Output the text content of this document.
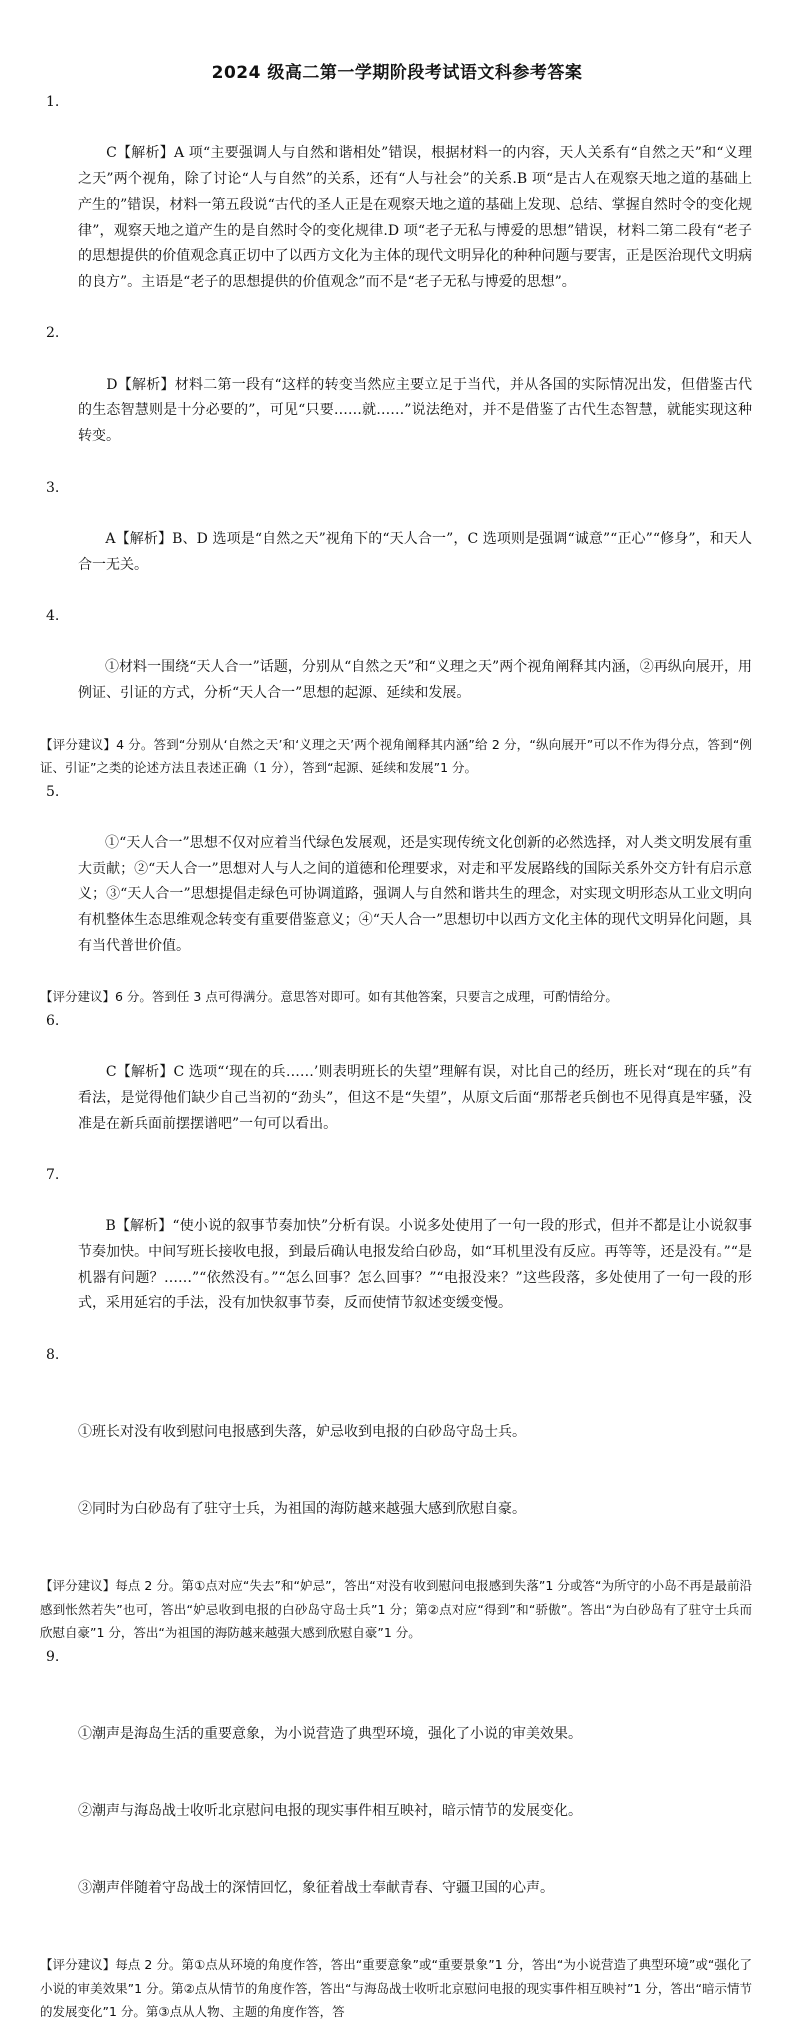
2024 级高二第一学期阶段考试语文科参考答案

1.

C【解析】A 项“主要强调人与自然和谐相处”错误，根据材料一的内容，天人关系有“自然之天”和“义理之天”两个视角，除了讨论“人与自然”的关系，还有“人与社会”的关系.B 项“是古人在观察天地之道的基础上产生的”错误，材料一第五段说“古代的圣人正是在观察天地之道的基础上发现、总结、掌握自然时令的变化规律”，观察天地之道产生的是自然时令的变化规律.D 项“老子无私与博爱的思想”错误，材料二第二段有“老子的思想提供的价值观念真正切中了以西方文化为主体的现代文明异化的种种问题与要害，正是医治现代文明病的良方”。主语是“老子的思想提供的价值观念”而不是“老子无私与博爱的思想”。

2.

D【解析】材料二第一段有“这样的转变当然应主要立足于当代，并从各国的实际情况出发，但借鉴古代的生态智慧则是十分必要的”，可见“只要……就……”说法绝对，并不是借鉴了古代生态智慧，就能实现这种转变。

3.

A【解析】B、D 选项是“自然之天”视角下的“天人合一”，C 选项则是强调“诚意”“正心”“修身”，和天人合一无关。

4.

①材料一围绕“天人合一”话题，分别从“自然之天”和“义理之天”两个视角阐释其内涵，②再纵向展开，用例证、引证的方式，分析“天人合一”思想的起源、延续和发展。

【评分建议】4 分。答到“分别从‘自然之天’和‘义理之天’两个视角阐释其内涵”给 2 分，“纵向展开”可以不作为得分点，答到“例证、引证”之类的论述方法且表述正确（1 分），答到“起源、延续和发展”1 分。

5.

①“天人合一”思想不仅对应着当代绿色发展观，还是实现传统文化创新的必然选择，对人类文明发展有重大贡献；②“天人合一”思想对人与人之间的道德和伦理要求，对走和平发展路线的国际关系外交方针有启示意义；③“天人合一”思想提倡走绿色可协调道路，强调人与自然和谐共生的理念，对实现文明形态从工业文明向有机整体生态思维观念转变有重要借鉴意义；④“天人合一”思想切中以西方文化主体的现代文明异化问题，具有当代普世价值。

【评分建议】6 分。答到任 3 点可得满分。意思答对即可。如有其他答案，只要言之成理，可酌情给分。

6.

C【解析】C 选项“‘现在的兵……’则表明班长的失望”理解有误，对比自己的经历，班长对“现在的兵”有看法，是觉得他们缺少自己当初的“劲头”，但这不是“失望”，从原文后面“那帮老兵倒也不见得真是牢骚，没准是在新兵面前摆摆谱吧”一句可以看出。

7.

B【解析】“使小说的叙事节奏加快”分析有误。小说多处使用了一句一段的形式，但并不都是让小说叙事节奏加快。中间写班长接收电报，到最后确认电报发给白砂岛，如“耳机里没有反应。再等等，还是没有。”“是机器有问题？……”“依然没有。”“怎么回事？怎么回事？”“电报没来？”这些段落，多处使用了一句一段的形式，采用延宕的手法，没有加快叙事节奏，反而使情节叙述变缓变慢。

8.

①班长对没有收到慰问电报感到失落，妒忌收到电报的白砂岛守岛士兵。

②同时为白砂岛有了驻守士兵，为祖国的海防越来越强大感到欣慰自豪。

【评分建议】每点 2 分。第①点对应“失去”和“妒忌”，答出“对没有收到慰问电报感到失落”1 分或答“为所守的小岛不再是最前沿感到怅然若失”也可，答出“妒忌收到电报的白砂岛守岛士兵”1 分；第②点对应“得到”和“骄傲”。答出“为白砂岛有了驻守士兵而欣慰自豪”1 分，答出“为祖国的海防越来越强大感到欣慰自豪”1 分。

9.

①潮声是海岛生活的重要意象，为小说营造了典型环境，强化了小说的审美效果。

②潮声与海岛战士收听北京慰问电报的现实事件相互映衬，暗示情节的发展变化。

③潮声伴随着守岛战士的深情回忆，象征着战士奉献青春、守疆卫国的心声。

【评分建议】每点 2 分。第①点从环境的角度作答，答出“重要意象”或“重要景象”1 分，答出“为小说营造了典型环境”或“强化了小说的审美效果”1 分。第②点从情节的角度作答，答出“与海岛战士收听北京慰问电报的现实事件相互映衬”1 分，答出“暗示情节的发展变化”1 分。第③点从人物、主题的角度作答，答
